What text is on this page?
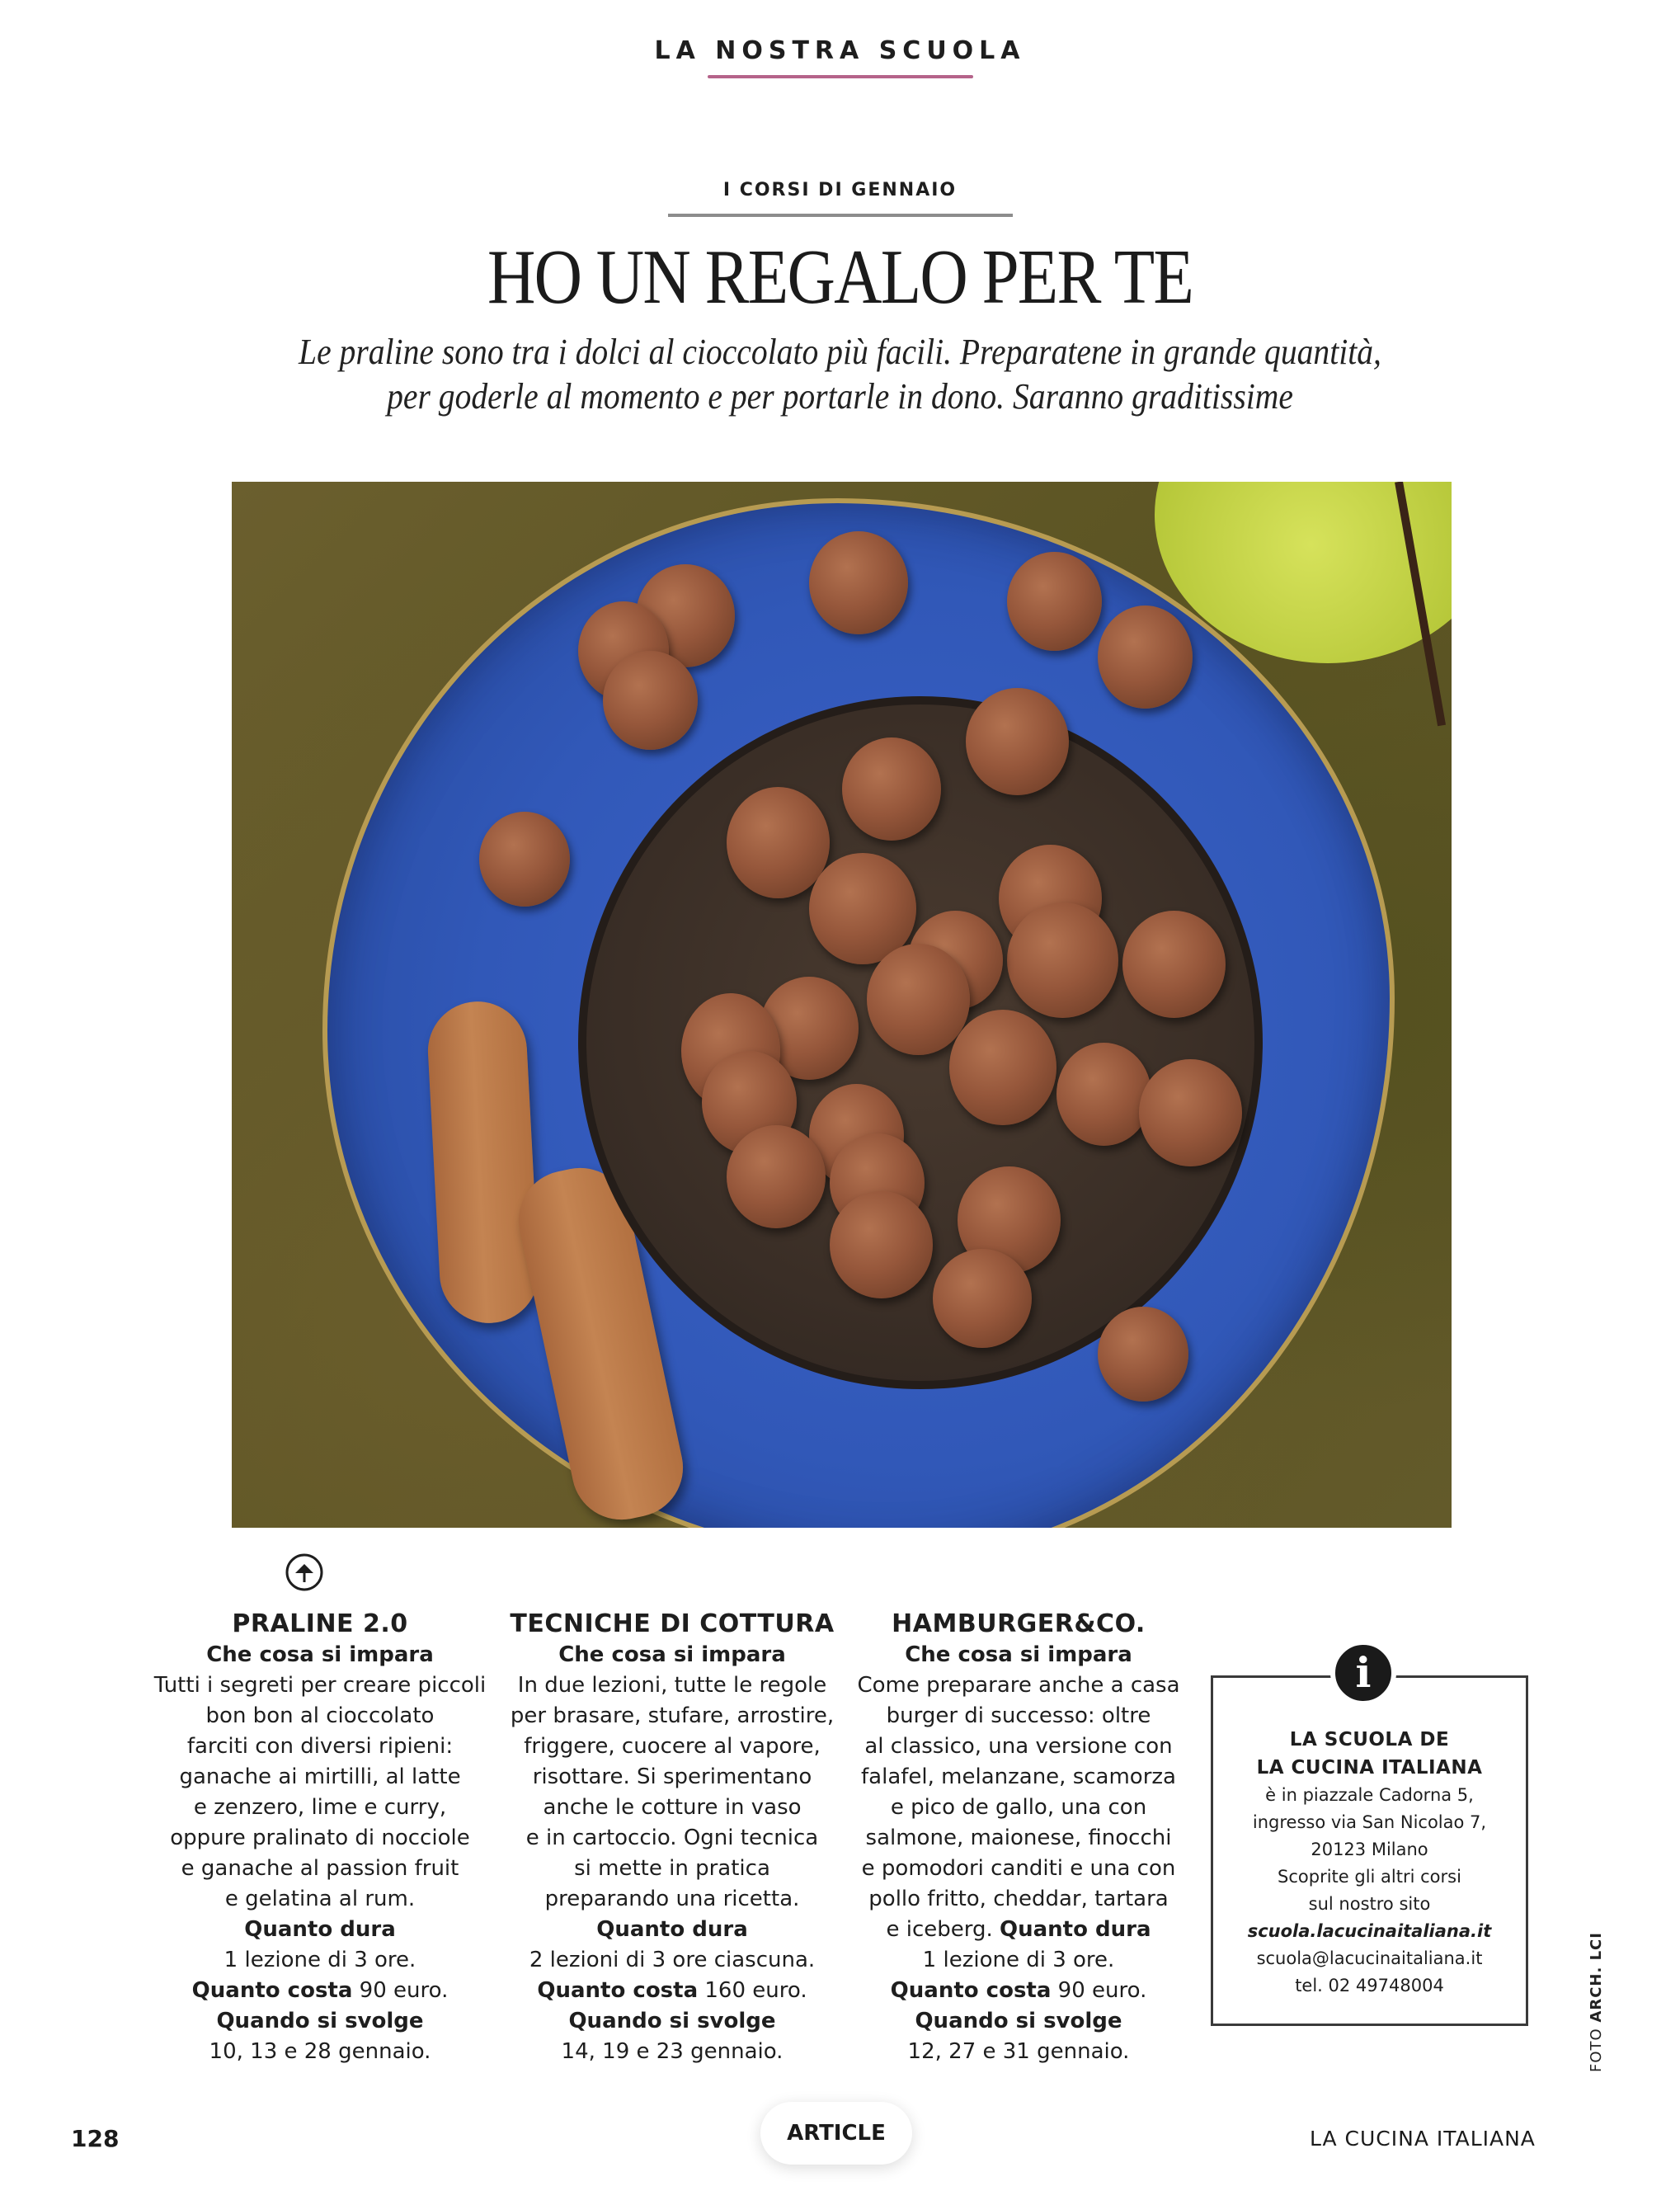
LA NOSTRA SCUOLA
I CORSI DI GENNAIO
HO UN REGALO PER TE
Le praline sono tra i dolci al cioccolato più facili. Preparatene in grande quantità,
per goderle al momento e per portarle in dono. Saranno graditissime

PRALINE 2.0

Che cosa si impara

Tutti i segreti per creare piccoli

bon bon al cioccolato

farciti con diversi ripieni:

ganache ai mirtilli, al latte

e zenzero, lime e curry,

oppure pralinato di nocciole

e ganache al passion fruit

e gelatina al rum.

Quanto dura

1 lezione di 3 ore.

Quanto costa 90 euro.

Quando si svolge

10, 13 e 28 gennaio.

TECNICHE DI COTTURA

Che cosa si impara

In due lezioni, tutte le regole

per brasare, stufare, arrostire,

friggere, cuocere al vapore,

risottare. Si sperimentano

anche le cotture in vaso

e in cartoccio. Ogni tecnica

si mette in pratica

preparando una ricetta.

Quanto dura

2 lezioni di 3 ore ciascuna.

Quanto costa 160 euro.

Quando si svolge

14, 19 e 23 gennaio.

HAMBURGER&CO.

Che cosa si impara

Come preparare anche a casa

burger di successo: oltre

al classico, una versione con

falafel, melanzane, scamorza

e pico de gallo, una con

salmone, maionese, finocchi

e pomodori canditi e una con

pollo fritto, cheddar, tartara

e iceberg. Quanto dura

1 lezione di 3 ore.

Quanto costa 90 euro.

Quando si svolge

12, 27 e 31 gennaio.

i

LA SCUOLA DE

LA CUCINA ITALIANA

è in piazzale Cadorna 5,

ingresso via San Nicolao 7,

20123 Milano

Scoprite gli altri corsi

sul nostro sito

scuola.lacucinaitaliana.it

scuola@lacucinaitaliana.it

tel. 02 49748004

FOTO ARCH. LCI
128	ARTICLE	LA CUCINA ITALIANA
